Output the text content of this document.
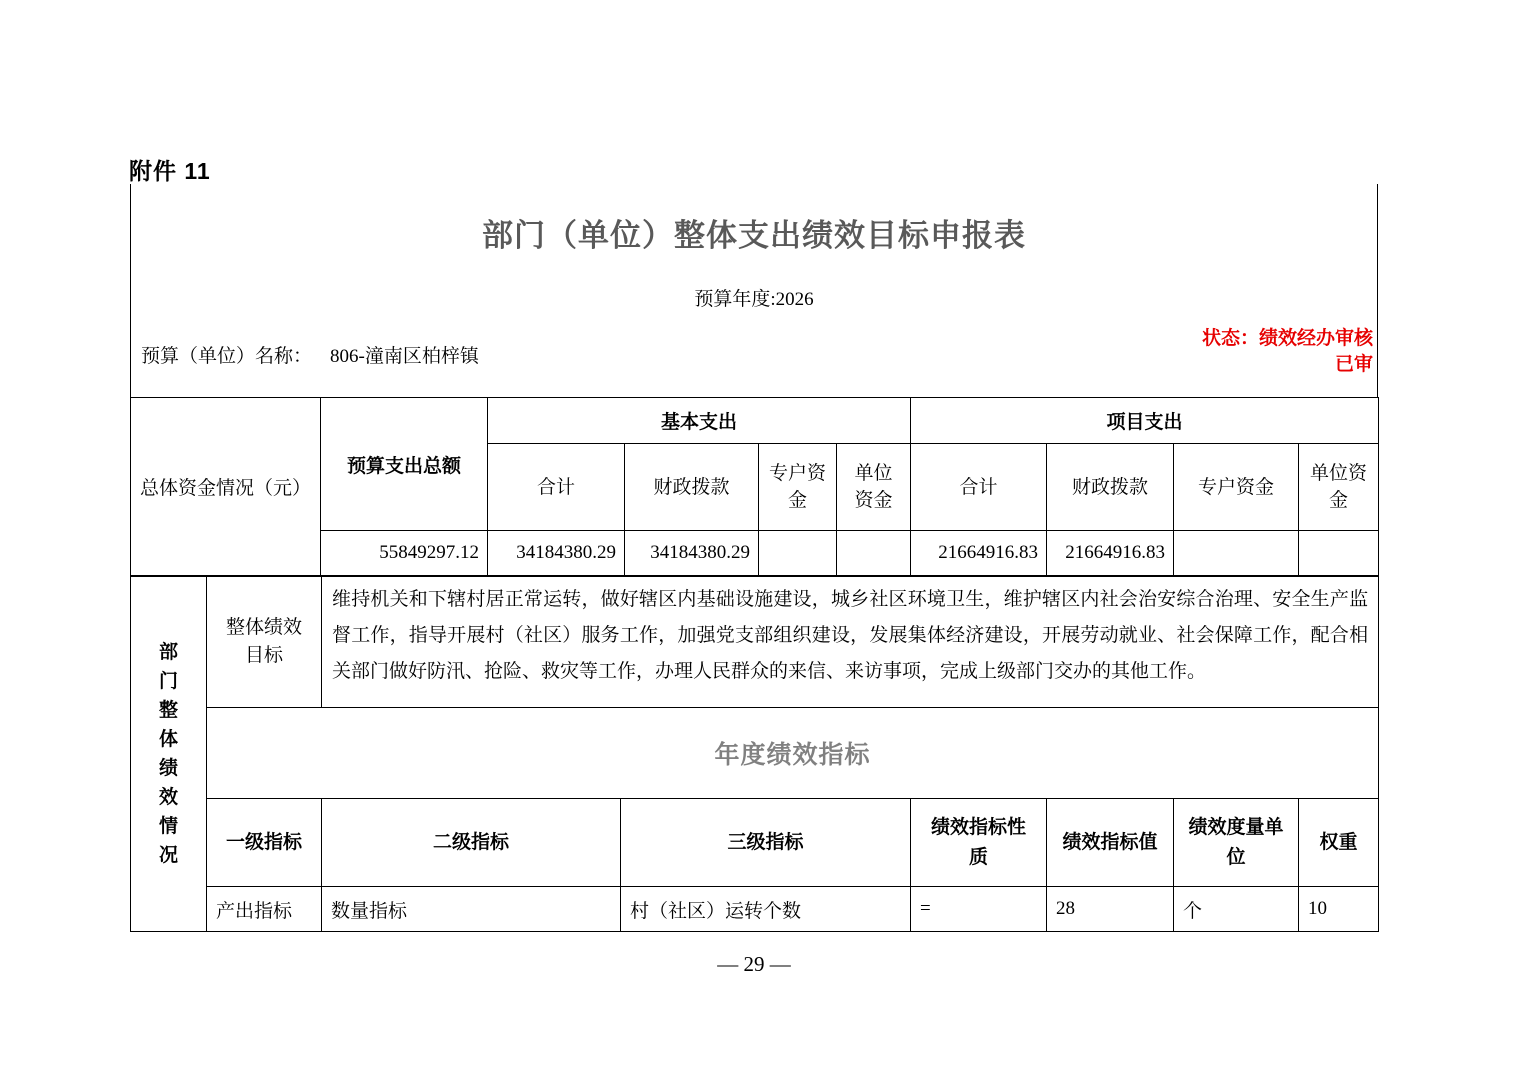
附件 11
部门（单位）整体支出绩效目标申报表
预算年度:2026
预算（单位）名称： 806-潼南区柏梓镇
状态：绩效经办审核
已审
总体资金情况（元）	预算支出总额	基本支出				项目支出			
		合计	财政拨款	专户资金	单位资金	合计	财政拨款	专户资金	单位资金
	55849297.12	34184380.29	34184380.29			21664916.83	21664916.83		
部门整体绩效情况	整体绩效目标	维持机关和下辖村居正常运转，做好辖区内基础设施建设，城乡社区环境卫生，维护辖区内社会治安综合治理、安全生产监督工作，指导开展村（社区）服务工作，加强党支部组织建设，发展集体经济建设，开展劳动就业、社会保障工作，配合相关部门做好防汛、抢险、救灾等工作，办理人民群众的来信、来访事项，完成上级部门交办的其他工作。					
	年度绩效指标						
	一级指标	二级指标	三级指标	绩效指标性质	绩效指标值	绩效度量单位	权重
	产出指标	数量指标	村（社区）运转个数	=	28	个	10
— 29 —
